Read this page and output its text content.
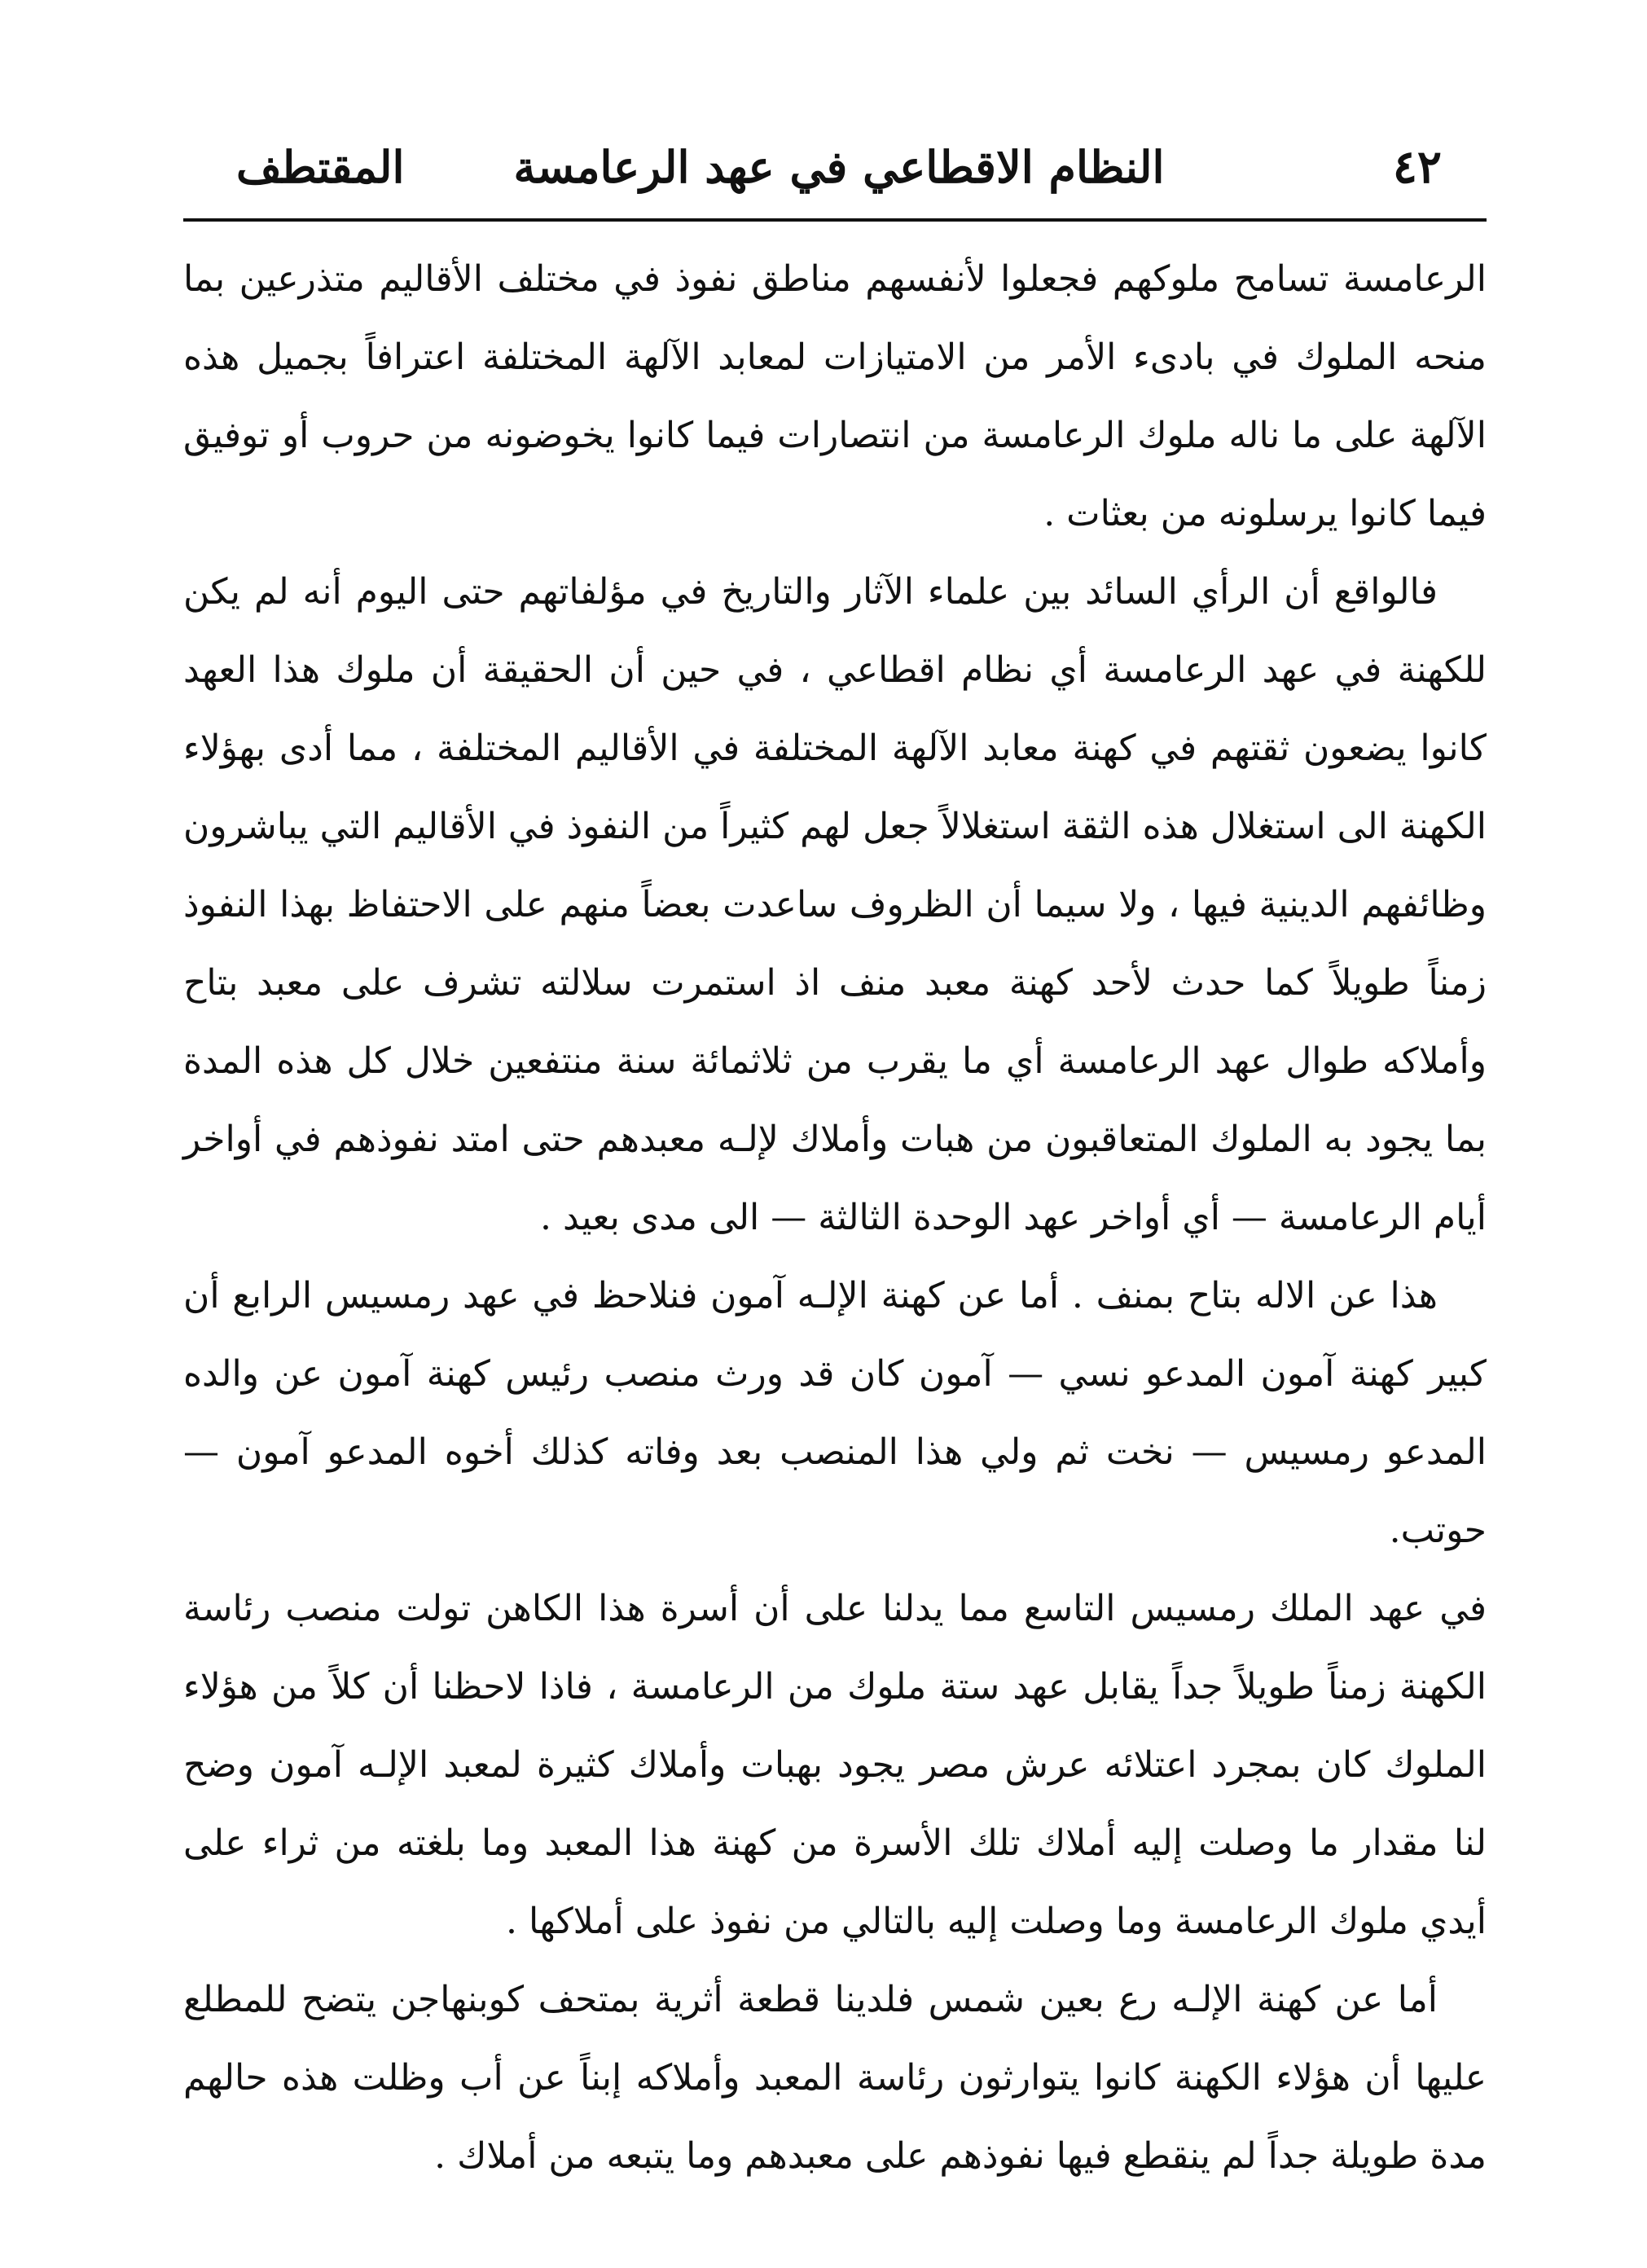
٤٢
النظام الاقطاعي في عهد الرعامسة
المقتطف

الرعامسة تسامح ملوكهم فجعلوا لأنفسهم مناطق نفوذ في مختلف الأقاليم متذرعين بما منحه الملوك في بادىء الأمر من الامتيازات لمعابد الآلهة المختلفة اعترافاً بجميل هذه الآلهة على ما ناله ملوك الرعامسة من انتصارات فيما كانوا يخوضونه من حروب أو توفيق فيما كانوا يرسلونه من بعثات .

فالواقع أن الرأي السائد بين علماء الآثار والتاريخ في مؤلفاتهم حتى اليوم أنه لم يكن للكهنة في عهد الرعامسة أي نظام اقطاعي ، في حين أن الحقيقة أن ملوك هذا العهد كانوا يضعون ثقتهم في كهنة معابد الآلهة المختلفة في الأقاليم المختلفة ، مما أدى بهؤلاء الكهنة الى استغلال هذه الثقة استغلالاً جعل لهم كثيراً من النفوذ في الأقاليم التي يباشرون وظائفهم الدينية فيها ، ولا سيما أن الظروف ساعدت بعضاً منهم على الاحتفاظ بهذا النفوذ زمناً طويلاً كما حدث لأحد كهنة معبد منف اذ استمرت سلالته تشرف على معبد بتاح وأملاكه طوال عهد الرعامسة أي ما يقرب من ثلاثمائة سنة منتفعين خلال كل هذه المدة بما يجود به الملوك المتعاقبون من هبات وأملاك لإلـه معبدهم حتى امتد نفوذهم في أواخر أيام الرعامسة — أي أواخر عهد الوحدة الثالثة — الى مدى بعيد .

هذا عن الاله بتاح بمنف . أما عن كهنة الإلـه آمون فنلاحظ في عهد رمسيس الرابع أن كبير كهنة آمون المدعو نسي — آمون كان قد ورث منصب رئيس كهنة آمون عن والده المدعو رمسيس — نخت ثم ولي هذا المنصب بعد وفاته كذلك أخوه المدعو آمون — حوتب.

في عهد الملك رمسيس التاسع مما يدلنا على أن أسرة هذا الكاهن تولت منصب رئاسة الكهنة زمناً طويلاً جداً يقابل عهد ستة ملوك من الرعامسة ، فاذا لاحظنا أن كلاً من هؤلاء الملوك كان بمجرد اعتلائه عرش مصر يجود بهبات وأملاك كثيرة لمعبد الإلـه آمون وضح لنا مقدار ما وصلت إليه أملاك تلك الأسرة من كهنة هذا المعبد وما بلغته من ثراء على أيدي ملوك الرعامسة وما وصلت إليه بالتالي من نفوذ على أملاكها .

أما عن كهنة الإلـه رع بعين شمس فلدينا قطعة أثرية بمتحف كوبنهاجن يتضح للمطلع عليها أن هؤلاء الكهنة كانوا يتوارثون رئاسة المعبد وأملاكه إبناً عن أب وظلت هذه حالهم مدة طويلة جداً لم ينقطع فيها نفوذهم على معبدهم وما يتبعه من أملاك .
